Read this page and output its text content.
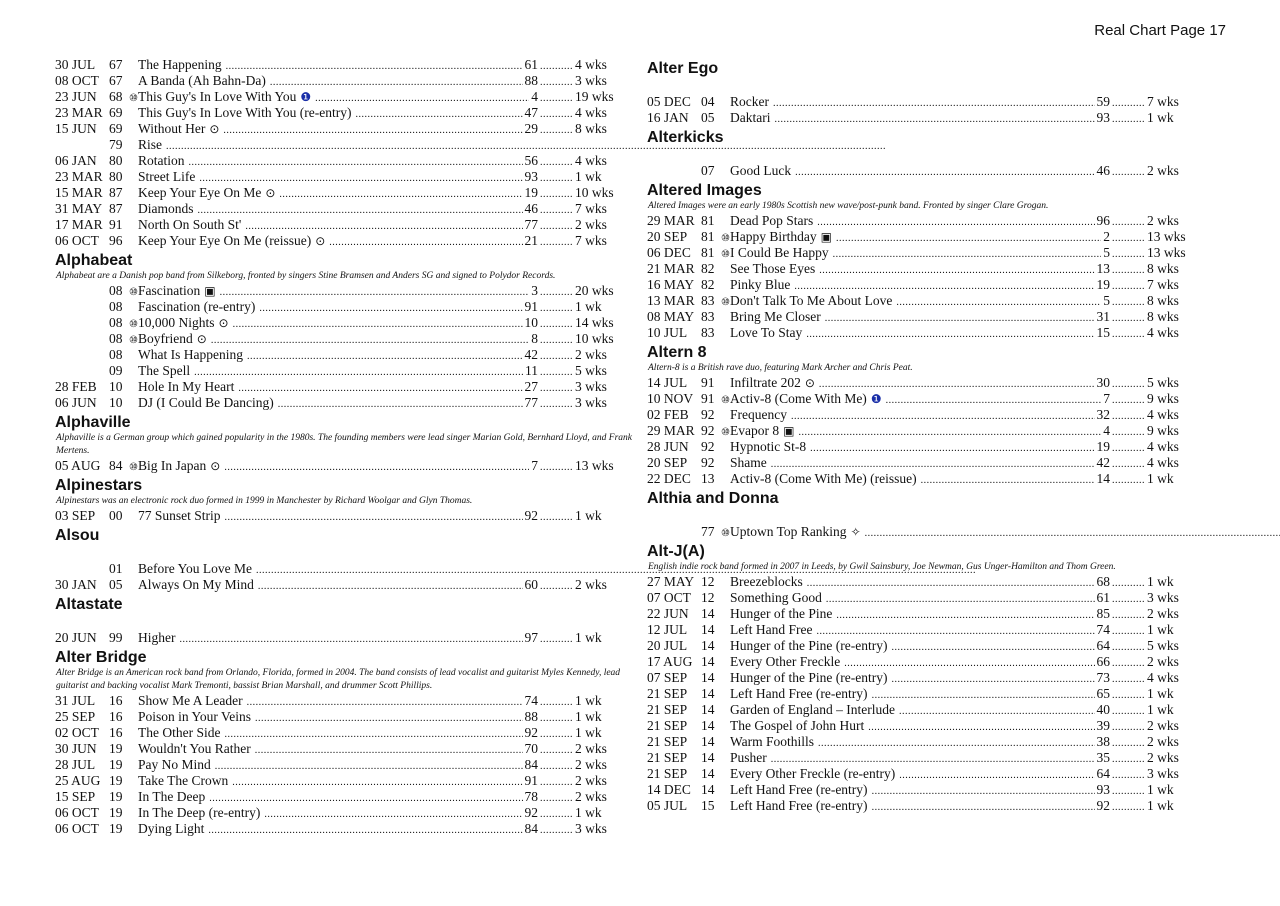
Real Chart Page 17
30 JUL	67	The Happening .....	61 .....	4 wks
08 OCT 67	A Banda (Ah Bahn-Da) .....	88 .....	3 wks
23 JUN 68 ⑩ This Guy's In Love With You ❶ .....	4 .....	19 wks
23 MAR 69	This Guy's In Love With You (re-entry) .....	47 .....	4 wks
15 JUN 69	Without Her ⊙ .....	29 .....	8 wks
79	Rise
.....
06 JAN 80	Rotation .....	56 .....	4 wks
23 MAR 80	Street Life .....	93 .....	1 wk
15 MAR 87	Keep Your Eye On Me ⊙ .....	19 .....	10 wks
31 MAY 87	Diamonds .....	46 .....	7 wks
17 MAR 91	North On South St' .....	77 .....	2 wks
06 OCT 96	Keep Your Eye On Me (reissue) ⊙ .....	21 .....	7 wks
Alphabeat
Alphabeat are a Danish pop band from Silkeborg, fronted by singers Stine Bramsen and Anders SG and signed to Polydor Records.
08 ⑩ Fascination ▣ .....	3 .....	20 wks
08	Fascination (re-entry) .....	91 .....	1 wk
08 ⑩ 10,000 Nights ⊙ .....	10 .....	14 wks
08 ⑩ Boyfriend ⊙ .....	8 .....	10 wks
08	What Is Happening .....	42 .....	2 wks
09	The Spell .....	11 .....	5 wks
28 FEB 10	Hole In My Heart .....	27 .....	3 wks
06 JUN 10	DJ (I Could Be Dancing) .....	77 .....	3 wks
Alphaville
Alphaville is a German group which gained popularity in the 1980s. The founding members were lead singer Marian Gold, Bernhard Lloyd, and Frank Mertens.
05 AUG 84 ⑩ Big In Japan ⊙ .....	7 .....	13 wks
Alpinestars
Alpinestars was an electronic rock duo formed in 1999 in Manchester by Richard Woolgar and Glyn Thomas.
03 SEP	00	77 Sunset Strip .....	92 .....	1 wk
Alsou
01	Before You Love Me
.....
30 JAN 05	Always On My Mind .....	60 .....	2 wks
Altastate
20 JUN 99	Higher .....	97 .....	1 wk
Alter Bridge
Alter Bridge is an American rock band from Orlando, Florida, formed in 2004. The band consists of lead vocalist and guitarist Myles Kennedy, lead guitarist and backing vocalist Mark Tremonti, bassist Brian Marshall, and drummer Scott Phillips.
31 JUL	16	Show Me A Leader .....	74 .....	1 wk
25 SEP	16	Poison in Your Veins .....	88 .....	1 wk
02 OCT 16	The Other Side .....	92 .....	1 wk
30 JUN 19	Wouldn't You Rather .....	70 .....	2 wks
28 JUL	19	Pay No Mind .....	84 .....	2 wks
25 AUG 19	Take The Crown .....	91 .....	2 wks
15 SEP	19	In The Deep .....	78 .....	2 wks
06 OCT 19	In The Deep (re-entry) .....	92 .....	1 wk
06 OCT 19	Dying Light .....	84 .....	3 wks
Alter Ego
05 DEC 04	Rocker .....	59 .....	7 wks
16 JAN 05	Daktari .....	93 .....	1 wk
Alterkicks
07	Good Luck .....	46 .....	2 wks
Altered Images
Altered Images were an early 1980s Scottish new wave/post-punk band. Fronted by singer Clare Grogan.
29 MAR 81	Dead Pop Stars .....	96 .....	2 wks
20 SEP	81 ⑩ Happy Birthday ▣ .....	2 .....	13 wks
06 DEC 81 ⑩ I Could Be Happy .....	5 .....	13 wks
21 MAR 82	See Those Eyes .....	13 .....	8 wks
16 MAY 82	Pinky Blue .....	19 .....	7 wks
13 MAR 83 ⑩ Don't Talk To Me About Love .....	5 .....	8 wks
08 MAY 83	Bring Me Closer .....	31 .....	8 wks
10 JUL	83	Love To Stay .....	15 .....	4 wks
Altern 8
Altern-8 is a British rave duo, featuring Mark Archer and Chris Peat.
14 JUL	91	Infiltrate 202 ⊙ .....	30 .....	5 wks
10 NOV 91 ⑩ Activ-8 (Come With Me) ❶ .....	7 .....	9 wks
02 FEB 92	Frequency .....	32 .....	4 wks
29 MAR 92 ⑩ Evapor 8 ▣ .....	4 .....	9 wks
28 JUN 92	Hypnotic St-8 .....	19 .....	4 wks
20 SEP	92	Shame .....	42 .....	4 wks
22 DEC 13	Activ-8 (Come With Me) (reissue) .....	14 .....	1 wk
Althia and Donna
77 ⑩ Uptown Top Ranking ✧
.....
Alt-J(A)
English indie rock band formed in 2007 in Leeds, by Gwil Sainsbury, Joe Newman, Gus Unger-Hamilton and Thom Green.
27 MAY 12	Breezeblocks .....	68 .....	1 wk
07 OCT 12	Something Good .....	61 .....	3 wks
22 JUN 14	Hunger of the Pine .....	85 .....	2 wks
12 JUL	14	Left Hand Free .....	74 .....	1 wk
20 JUL	14	Hunger of the Pine (re-entry) .....	64 .....	5 wks
17 AUG 14	Every Other Freckle .....	66 .....	2 wks
07 SEP	14	Hunger of the Pine (re-entry) .....	73 .....	4 wks
21 SEP	14	Left Hand Free (re-entry) .....	65 .....	1 wk
21 SEP	14	Garden of England – Interlude .....	40 .....	1 wk
21 SEP	14	The Gospel of John Hurt .....	39 .....	2 wks
21 SEP	14	Warm Foothills .....	38 .....	2 wks
21 SEP	14	Pusher .....	35 .....	2 wks
21 SEP	14	Every Other Freckle (re-entry) .....	64 .....	3 wks
14 DEC 14	Left Hand Free (re-entry) .....	93 .....	1 wk
05 JUL	15	Left Hand Free (re-entry) .....	92 .....	1 wk
